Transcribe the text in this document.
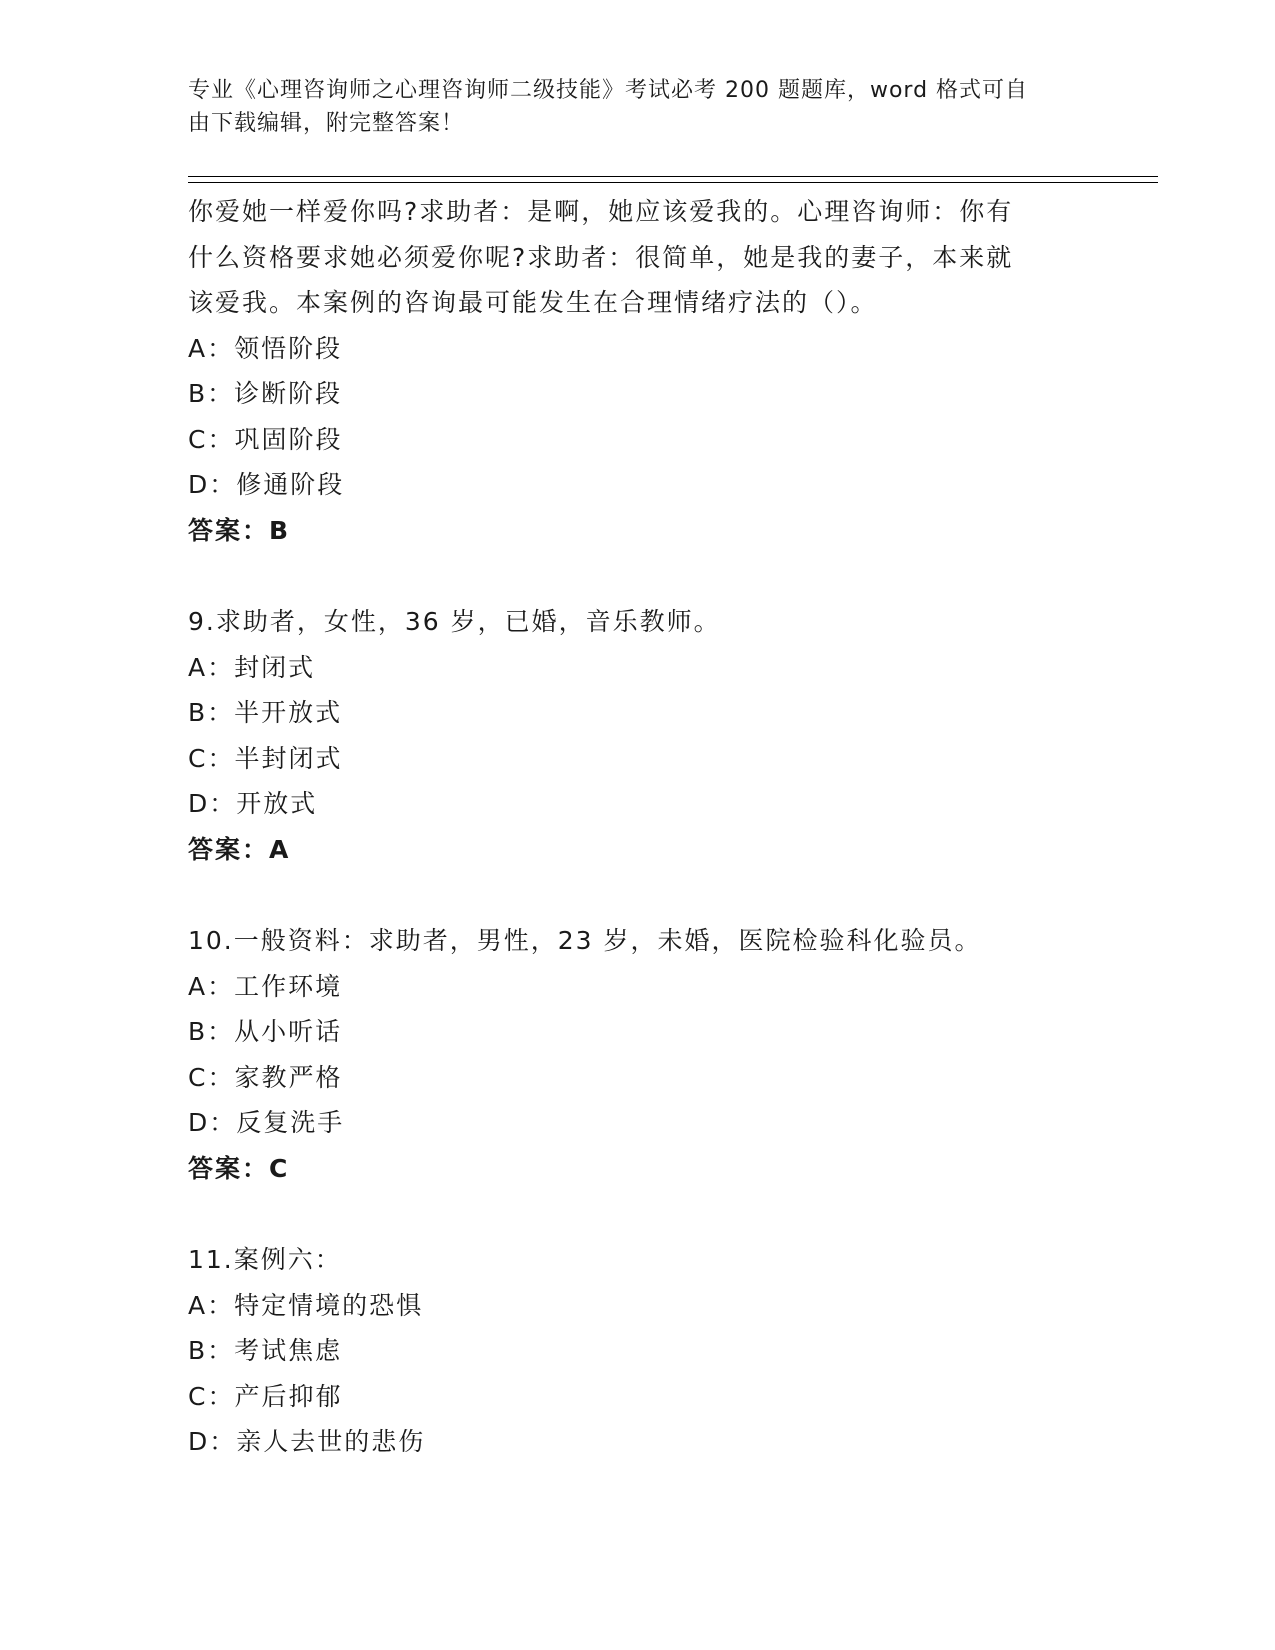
专业《心理咨询师之心理咨询师二级技能》考试必考 200 题题库，word 格式可自
由下载编辑，附完整答案！
你爱她一样爱你吗?求助者：是啊，她应该爱我的。心理咨询师：你有
什么资格要求她必须爱你呢?求助者：很简单，她是我的妻子，本来就
该爱我。本案例的咨询最可能发生在合理情绪疗法的（）。
A：领悟阶段
B：诊断阶段
C：巩固阶段
D：修通阶段
答案：B
9.求助者，女性，36 岁，已婚，音乐教师。
A：封闭式
B：半开放式
C：半封闭式
D：开放式
答案：A
10.一般资料：求助者，男性，23 岁，未婚，医院检验科化验员。
A：工作环境
B：从小听话
C：家教严格
D：反复洗手
答案：C
11.案例六：
A：特定情境的恐惧
B：考试焦虑
C：产后抑郁
D：亲人去世的悲伤
